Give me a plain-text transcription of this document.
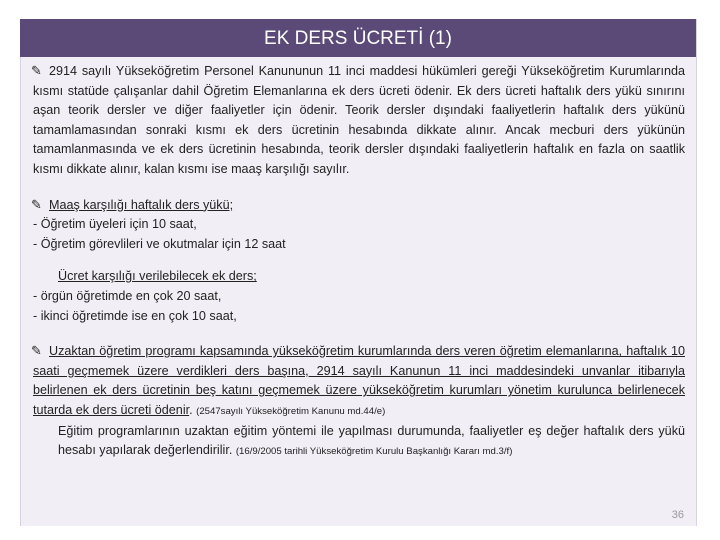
EK DERS ÜCRETİ (1)

✎ 2914 sayılı Yükseköğretim Personel Kanununun 11 inci maddesi hükümleri gereği Yükseköğretim Kurumlarında kısmı statüde çalışanlar dahil Öğretim Elemanlarına ek ders ücreti ödenir. Ek ders ücreti haftalık ders yükü sınırını aşan teorik dersler ve diğer faaliyetler için ödenir. Teorik dersler dışındaki faaliyetlerin haftalık ders yükünü tamamlamasından sonraki kısmı ek ders ücretinin hesabında dikkate alınır. Ancak mecburi ders yükünün tamamlanmasında ve ek ders ücretinin hesabında, teorik dersler dışındaki faaliyetlerin haftalık en fazla on saatlik kısmı dikkate alınır, kalan kısmı ise maaş karşılığı sayılır.

✎ Maaş karşılığı haftalık ders yükü;

- Öğretim üyeleri için 10 saat,

- Öğretim görevlileri ve okutmalar için 12 saat

Ücret karşılığı verilebilecek ek ders;

- örgün öğretimde en çok 20 saat,

- ikinci öğretimde ise en çok 10 saat,

✎ Uzaktan öğretim programı kapsamında yükseköğretim kurumlarında ders veren öğretim elemanlarına, haftalık 10 saati geçmemek üzere verdikleri ders başına, 2914 sayılı Kanunun 11 inci maddesindeki unvanlar itibarıyla belirlenen ek ders ücretinin beş katını geçmemek üzere yükseköğretim kurumları yönetim kurulunca belirlenecek tutarda ek ders ücreti ödenir. (2547sayılı Yükseköğretim Kanunu md.44/e)

Eğitim programlarının uzaktan eğitim yöntemi ile yapılması durumunda, faaliyetler eş değer haftalık ders yükü hesabı yapılarak değerlendirilir. (16/9/2005 tarihli Yükseköğretim Kurulu Başkanlığı Kararı md.3/f)

36
